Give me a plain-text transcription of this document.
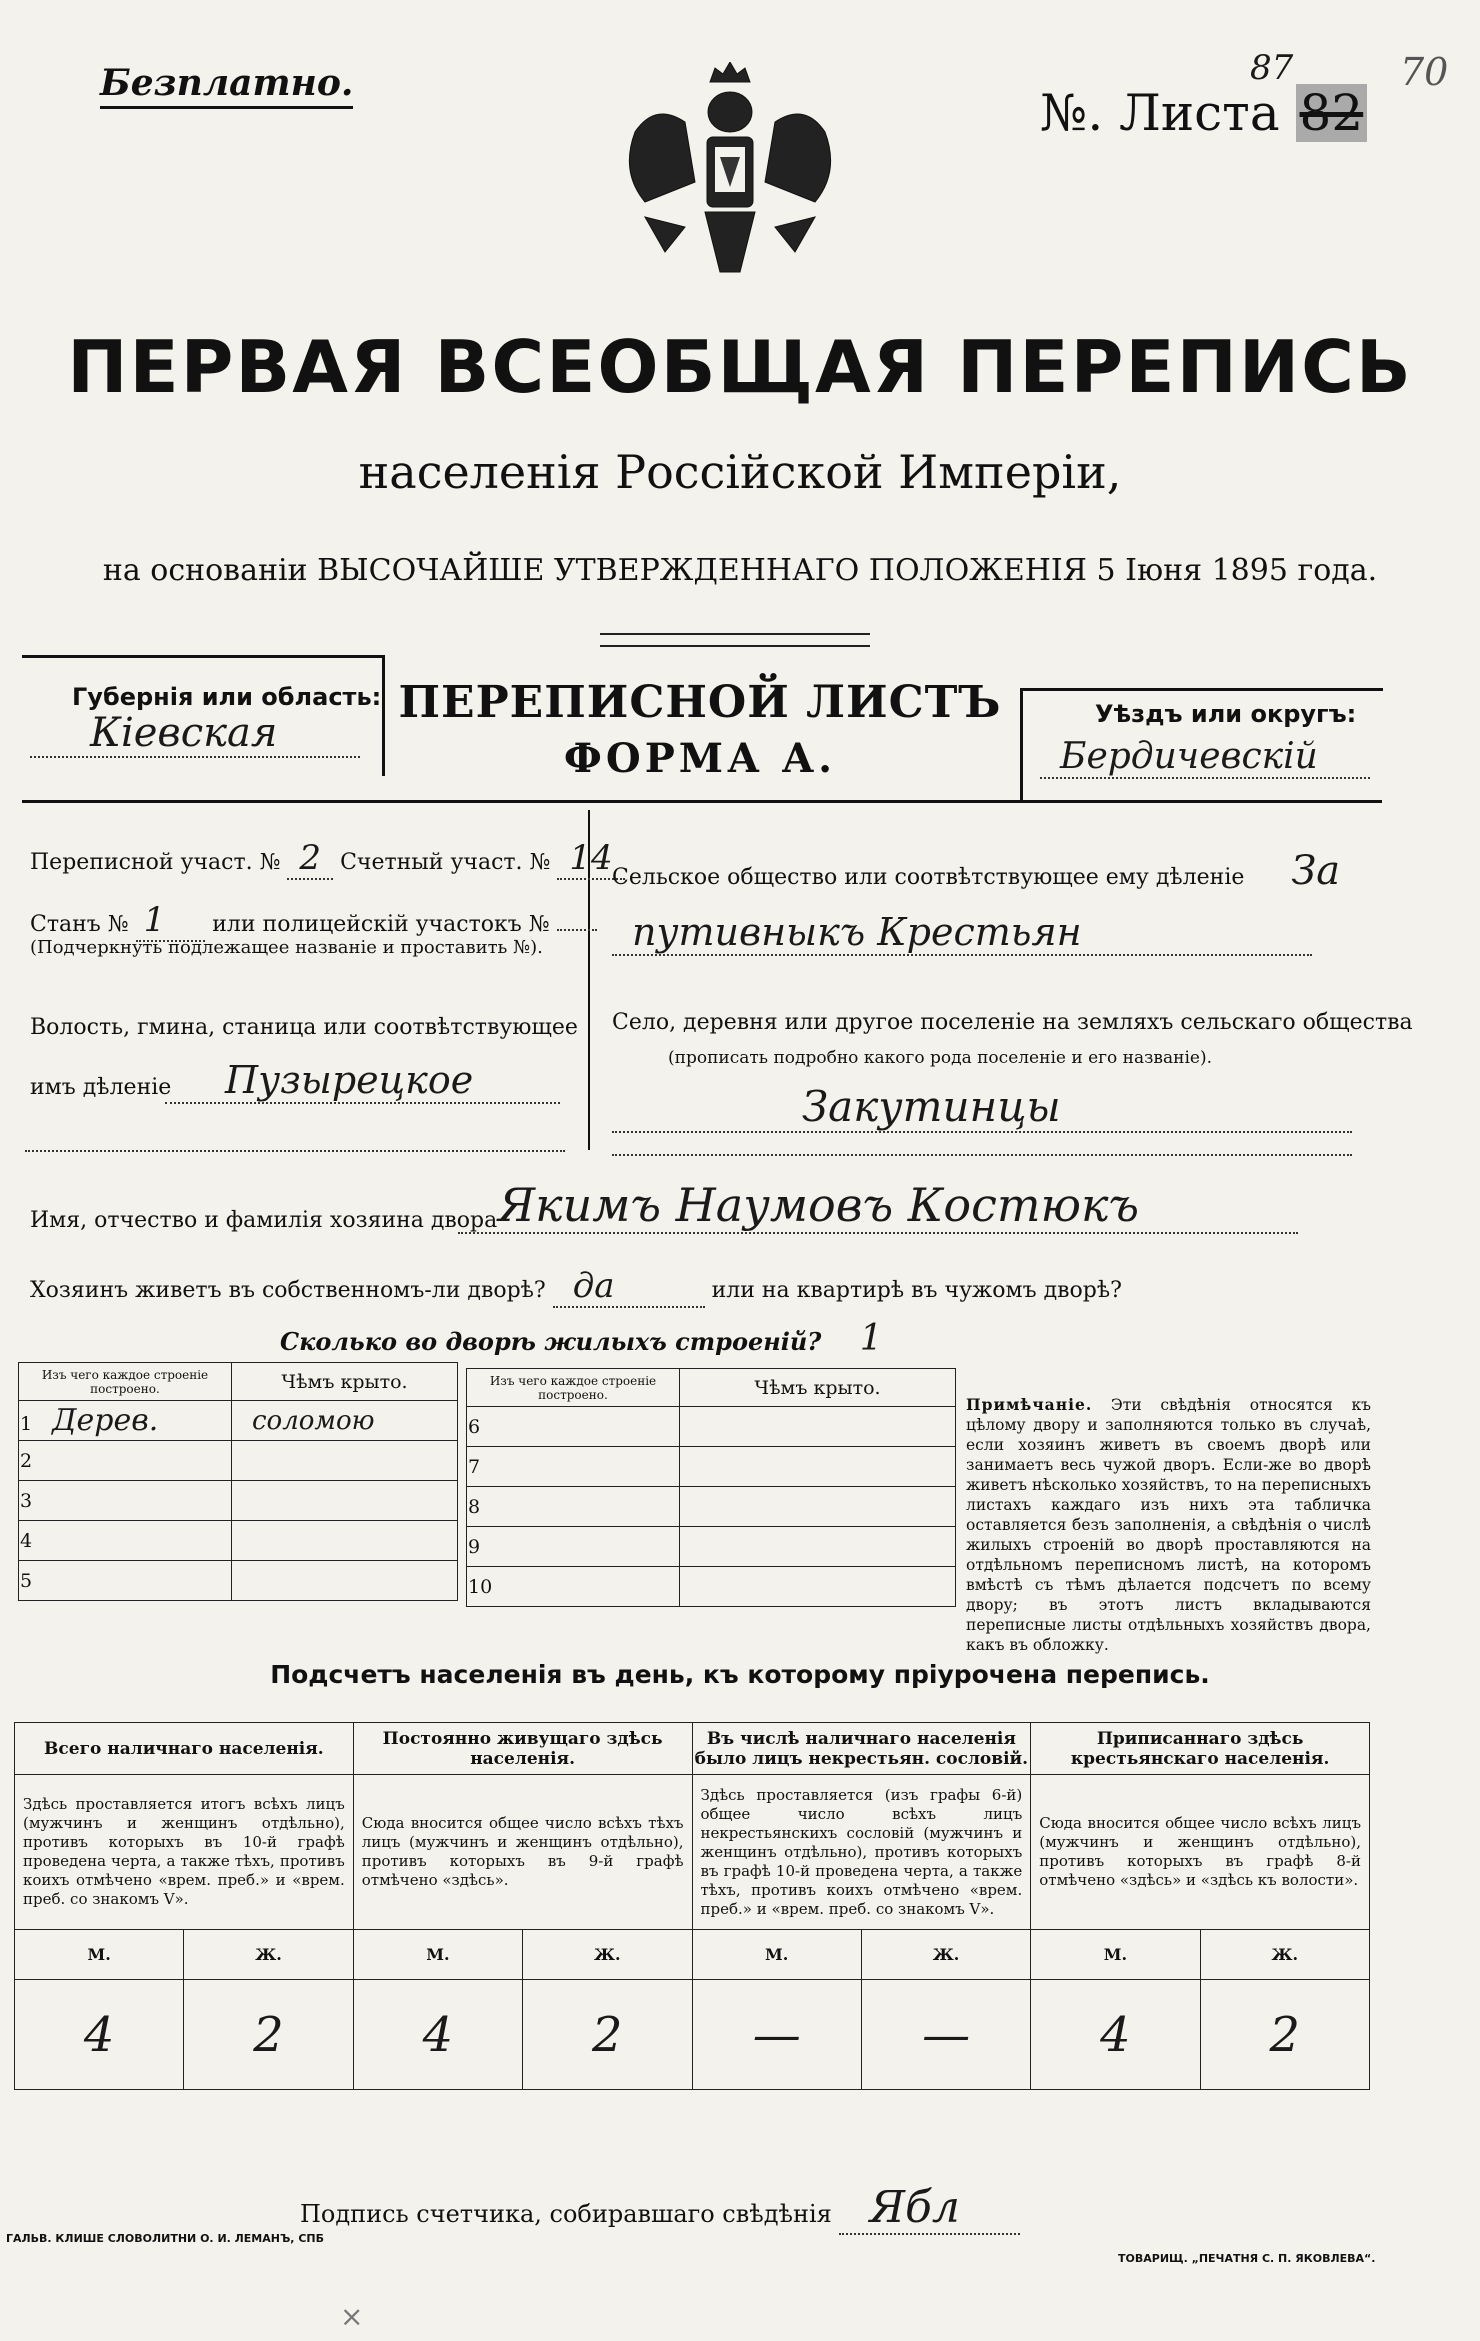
Безплатно.
№. Листа 82
87	70
ПЕРВАЯ ВСЕОБЩАЯ ПЕРЕПИСЬ
населенія Россійской Имперіи,
на основаніи ВЫСОЧАЙШЕ УТВЕРЖДЕННАГО ПОЛОЖЕНІЯ 5 Іюня 1895 года.
Губернія или область:
Кіевская
ПЕРЕПИСНОЙ ЛИСТЪ
ФОРМА А.
Уѣздъ или округъ:
Бердичевскій
Переписной участ. № 2 Счетный участ. № 14
Станъ № 1 или полицейскій участокъ №
(Подчеркнуть подлежащее названіе и проставить №).
Волость, гмина, станица или соотвѣтствующее
имъ дѣленіе	Пузырецкое
Сельское общество или соотвѣтствующее ему дѣленіе За
путивныкъ Крестьян
Село, деревня или другое поселеніе на земляхъ сельскаго общества
(прописать подробно какого рода поселеніе и его названіе).
Закутинцы
Имя, отчество и фамилія хозяина двора Якимъ Наумовъ Костюкъ
Хозяинъ живетъ въ собственномъ-ли дворѣ? да	или на квартирѣ въ чужомъ дворѣ?
Сколько во дворѣ жилыхъ строеній? 1
Изъ чего каждое строеніе построено.	Чѣмъ крыто.
1 Дерев.	соломою
2	
3	
4	
5	
Изъ чего каждое строеніе построено.	Чѣмъ крыто.
6	
7	
8	
9	
10	
Примѣчаніе. Эти свѣдѣнія относятся къ цѣлому двору и заполняются только въ случаѣ, если хозяинъ живетъ въ своемъ дворѣ или занимаетъ весь чужой дворъ. Если-же во дворѣ живетъ нѣсколько хозяйствъ, то на переписныхъ листахъ каждаго изъ нихъ эта табличка оставляется безъ заполненія, а свѣдѣнія о числѣ жилыхъ строеній во дворѣ проставляются на отдѣльномъ переписномъ листѣ, на которомъ вмѣстѣ съ тѣмъ дѣлается подсчетъ по всему двору; въ этотъ листъ вкладываются переписные листы отдѣльныхъ хозяйствъ двора, какъ въ обложку.
Подсчетъ населенія въ день, къ которому пріурочена перепись.
Всего наличнаго населенія.		Постоянно живущаго здѣсь населенія.		Въ числѣ наличнаго населенія было лицъ некрестьян. сословій.		Приписаннаго здѣсь крестьянскаго населенія.	
Здѣсь проставляется итогъ всѣхъ лицъ (мужчинъ и женщинъ отдѣльно), противъ которыхъ въ 10-й графѣ проведена черта, а также тѣхъ, противъ коихъ отмѣчено «врем. преб.» и «врем. преб. со знакомъ V».		Сюда вносится общее число всѣхъ тѣхъ лицъ (мужчинъ и женщинъ отдѣльно), противъ которыхъ въ 9-й графѣ отмѣчено «здѣсь».		Здѣсь проставляется (изъ графы 6-й) общее число всѣхъ лицъ некрестьянскихъ сословій (мужчинъ и женщинъ отдѣльно), противъ которыхъ въ графѣ 10-й проведена черта, а также тѣхъ, противъ коихъ отмѣчено «врем. преб.» и «врем. преб. со знакомъ V».		Сюда вносится общее число всѣхъ лицъ (мужчинъ и женщинъ отдѣльно), противъ которыхъ въ графѣ 8-й отмѣчено «здѣсь» и «здѣсь къ волости».	
М.	Ж.	М.	Ж.	М.	Ж.	М.	Ж.
4	2	4	2	—	—	4	2
Подпись счетчика, собиравшаго свѣдѣнія Ябл
ГАЛЬВ. КЛИШЕ СЛОВОЛИТНИ О. И. ЛЕМАНЪ, СПБ
ТОВАРИЩ. „ПЕЧАТНЯ С. П. ЯКОВЛЕВА“.
×
